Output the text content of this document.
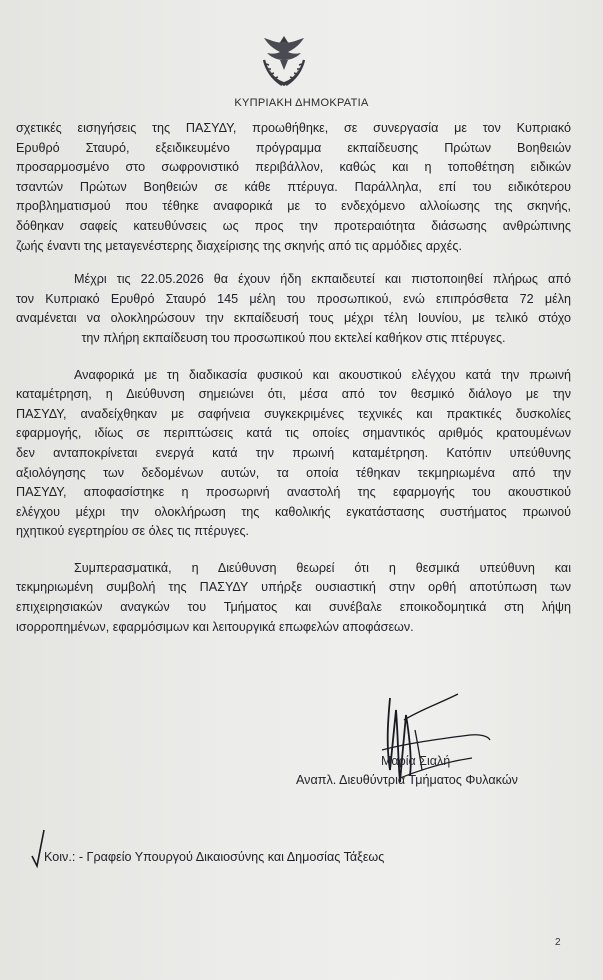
ΚΥΠΡΙΑΚΗ ΔΗΜΟΚΡΑΤΙΑ
σχετικές εισηγήσεις της ΠΑΣΥΔΥ, προωθήθηκε, σε συνεργασία με τον Κυπριακό
Ερυθρό Σταυρό, εξειδικευμένο πρόγραμμα εκπαίδευσης Πρώτων Βοηθειών
προσαρμοσμένο στο σωφρονιστικό περιβάλλον, καθώς και η τοποθέτηση ειδικών
τσαντών Πρώτων Βοηθειών σε κάθε πτέρυγα. Παράλληλα, επί του ειδικότερου
προβληματισμού που τέθηκε αναφορικά με το ενδεχόμενο αλλοίωσης της σκηνής,
δόθηκαν σαφείς κατευθύνσεις ως προς την προτεραιότητα διάσωσης ανθρώπινης
ζωής έναντι της μεταγενέστερης διαχείρισης της σκηνής από τις αρμόδιες αρχές.
Μέχρι τις 22.05.2026 θα έχουν ήδη εκπαιδευτεί και πιστοποιηθεί πλήρως από
τον Κυπριακό Ερυθρό Σταυρό 145 μέλη του προσωπικού, ενώ επιπρόσθετα 72 μέλη
αναμένεται να ολοκληρώσουν την εκπαίδευσή τους μέχρι τέλη Ιουνίου, με τελικό στόχο
την πλήρη εκπαίδευση του προσωπικού που εκτελεί καθήκον στις πτέρυγες.
Αναφορικά με τη διαδικασία φυσικού και ακουστικού ελέγχου κατά την πρωινή
καταμέτρηση, η Διεύθυνση σημειώνει ότι, μέσα από τον θεσμικό διάλογο με την
ΠΑΣΥΔΥ, αναδείχθηκαν με σαφήνεια συγκεκριμένες τεχνικές και πρακτικές δυσκολίες
εφαρμογής, ιδίως σε περιπτώσεις κατά τις οποίες σημαντικός αριθμός κρατουμένων
δεν ανταποκρίνεται ενεργά κατά την πρωινή καταμέτρηση. Κατόπιν υπεύθυνης
αξιολόγησης των δεδομένων αυτών, τα οποία τέθηκαν τεκμηριωμένα από την
ΠΑΣΥΔΥ, αποφασίστηκε η προσωρινή αναστολή της εφαρμογής του ακουστικού
ελέγχου μέχρι την ολοκλήρωση της καθολικής εγκατάστασης συστήματος πρωινού
ηχητικού εγερτηρίου σε όλες τις πτέρυγες.
Συμπερασματικά, η Διεύθυνση θεωρεί ότι η θεσμικά υπεύθυνη και
τεκμηριωμένη συμβολή της ΠΑΣΥΔΥ υπήρξε ουσιαστική στην ορθή αποτύπωση των
επιχειρησιακών αναγκών του Τμήματος και συνέβαλε εποικοδομητικά στη λήψη
ισορροπημένων, εφαρμόσιμων και λειτουργικά επωφελών αποφάσεων.
Μαρία Σιαλή
Αναπλ. Διευθύντρια Τμήματος Φυλακών
Κοιν.: - Γραφείο Υπουργού Δικαιοσύνης και Δημοσίας Τάξεως
2
